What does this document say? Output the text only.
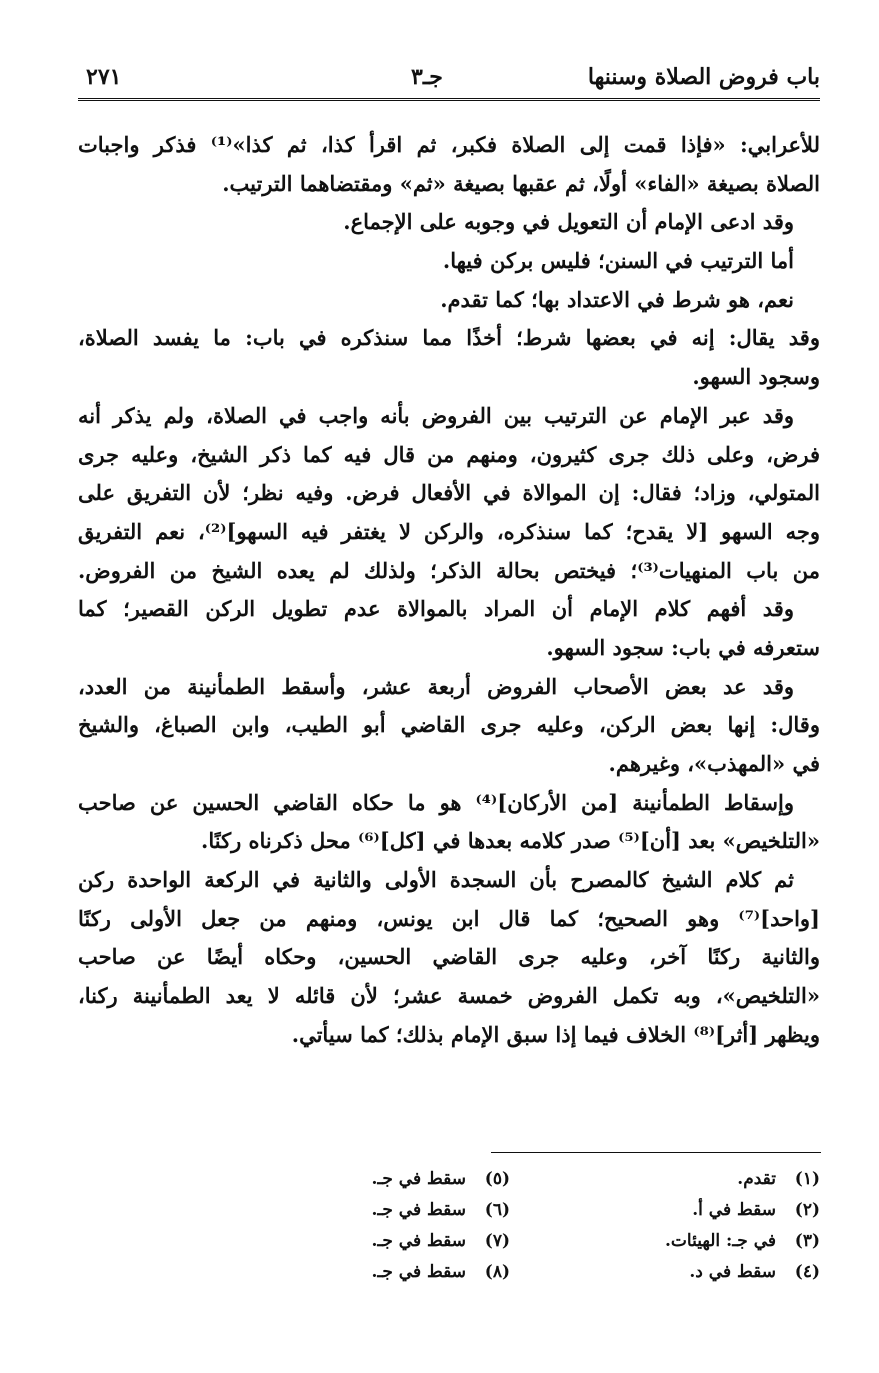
باب فروض الصلاة وسننها
جـ٣
٢٧١
للأعرابي: «فإذا قمت إلى الصلاة فكبر، ثم اقرأ كذا، ثم كذا»⁽¹⁾ فذكر واجبات
الصلاة بصيغة «الفاء» أولًا، ثم عقبها بصيغة «ثم» ومقتضاهما الترتيب.
وقد ادعى الإمام أن التعويل في وجوبه على الإجماع.
أما الترتيب في السنن؛ فليس بركن فيها.
نعم، هو شرط في الاعتداد بها؛ كما تقدم.
وقد يقال: إنه في بعضها شرط؛ أخذًا مما سنذكره في باب: ما يفسد الصلاة،
وسجود السهو.
وقد عبر الإمام عن الترتيب بين الفروض بأنه واجب في الصلاة، ولم يذكر أنه
فرض، وعلى ذلك جرى كثيرون، ومنهم من قال فيه كما ذكر الشيخ، وعليه جرى
المتولي، وزاد؛ فقال: إن الموالاة في الأفعال فرض. وفيه نظر؛ لأن التفريق على
وجه السهو [لا يقدح؛ كما سنذكره، والركن لا يغتفر فيه السهو]⁽²⁾، نعم التفريق
من باب المنهيات⁽³⁾؛ فيختص بحالة الذكر؛ ولذلك لم يعده الشيخ من الفروض.
وقد أفهم كلام الإمام أن المراد بالموالاة عدم تطويل الركن القصير؛ كما
ستعرفه في باب: سجود السهو.
وقد عد بعض الأصحاب الفروض أربعة عشر، وأسقط الطمأنينة من العدد،
وقال: إنها بعض الركن، وعليه جرى القاضي أبو الطيب، وابن الصباغ، والشيخ
في «المهذب»، وغيرهم.
وإسقاط الطمأنينة [من الأركان]⁽⁴⁾ هو ما حكاه القاضي الحسين عن صاحب
«التلخيص» بعد [أن]⁽⁵⁾ صدر كلامه بعدها في [كل]⁽⁶⁾ محل ذكرناه ركنًا.
ثم كلام الشيخ كالمصرح بأن السجدة الأولى والثانية في الركعة الواحدة ركن
[واحد]⁽⁷⁾ وهو الصحيح؛ كما قال ابن يونس، ومنهم من جعل الأولى ركنًا
والثانية ركنًا آخر، وعليه جرى القاضي الحسين، وحكاه أيضًا عن صاحب
«التلخيص»، وبه تكمل الفروض خمسة عشر؛ لأن قائله لا يعد الطمأنينة ركنا،
ويظهر [أثر]⁽⁸⁾ الخلاف فيما إذا سبق الإمام بذلك؛ كما سيأتي.
(١)تقدم.
(٢)سقط في أ.
(٣)في جـ: الهيئات.
(٤)سقط في د.
(٥)سقط في جـ.
(٦)سقط في جـ.
(٧)سقط في جـ.
(٨)سقط في جـ.
